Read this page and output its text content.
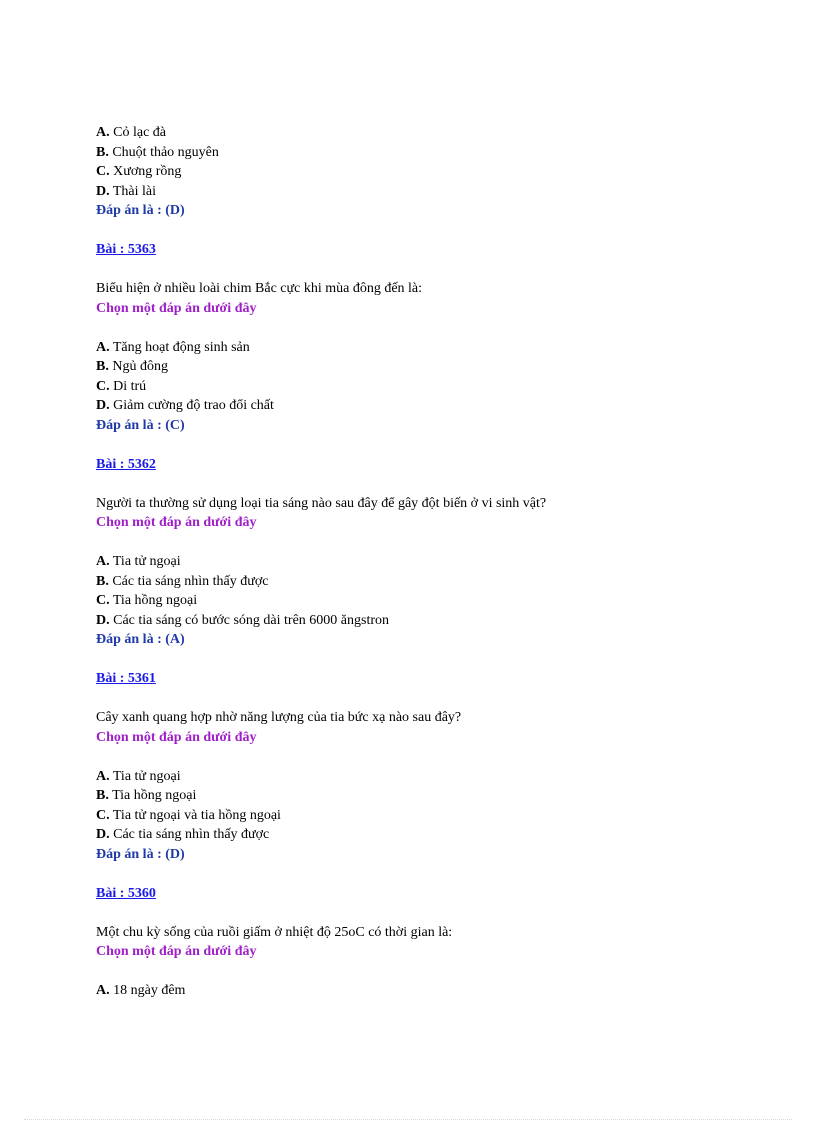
A. Cỏ lạc đà
B. Chuột thảo nguyên
C. Xương rồng
D. Thài lài
Đáp án là : (D)
Bài : 5363
Biểu hiện ở nhiều loài chim Bắc cực khi mùa đông đến là:
Chọn một đáp án dưới đây
A. Tăng hoạt động sinh sản
B. Ngủ đông
C. Di trú
D. Giảm cường độ trao đổi chất
Đáp án là : (C)
Bài : 5362
Người ta thường sử dụng loại tia sáng nào sau đây để gây đột biến ở vi sinh vật?
Chọn một đáp án dưới đây
A. Tia tử ngoại
B. Các tia sáng nhìn thấy được
C. Tia hồng ngoại
D. Các tia sáng có bước sóng dài trên 6000 ăngstron
Đáp án là : (A)
Bài : 5361
Cây xanh quang hợp nhờ năng lượng của tia bức xạ nào sau đây?
Chọn một đáp án dưới đây
A. Tia tử ngoại
B. Tia hồng ngoại
C. Tia tử ngoại và tia hồng ngoại
D. Các tia sáng nhìn thấy được
Đáp án là : (D)
Bài : 5360
Một chu kỳ sống của ruồi giấm ở nhiệt độ 25oC có thời gian là:
Chọn một đáp án dưới đây
A. 18 ngày đêm
